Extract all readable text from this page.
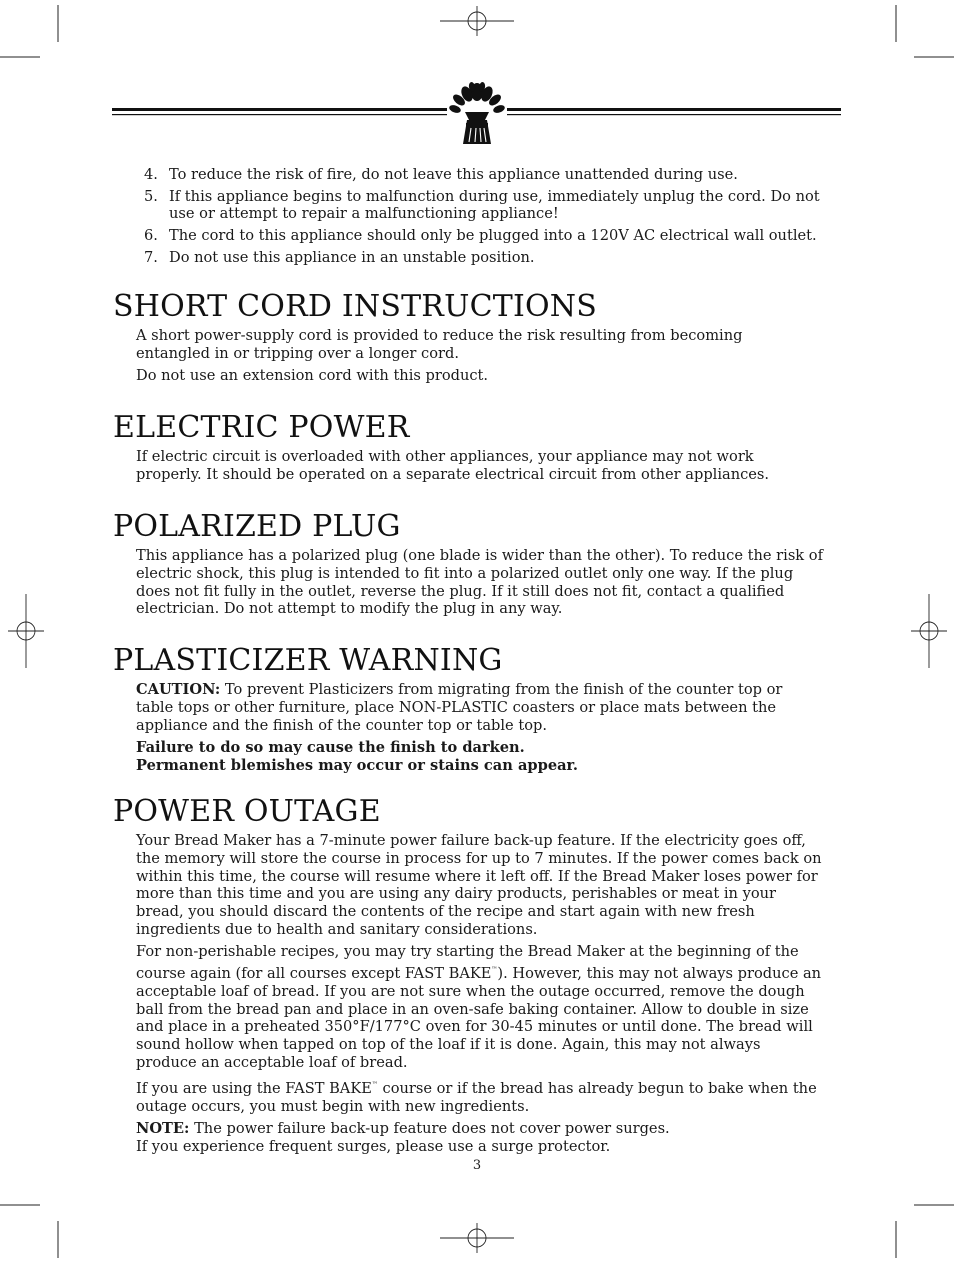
4. To reduce the risk of fire, do not leave this appliance unattended during use.
5. If this appliance begins to malfunction during use, immediately unplug the cord. Do not use or attempt to repair a malfunctioning appliance!
6. The cord to this appliance should only be plugged into a 120V AC electrical wall outlet.
7. Do not use this appliance in an unstable position.
SHORT CORD INSTRUCTIONS

A short power-supply cord is provided to reduce the risk resulting from becoming entangled in or tripping over a longer cord.

Do not use an extension cord with this product.

ELECTRIC POWER

If electric circuit is overloaded with other appliances, your appliance may not work properly. It should be operated on a separate electrical circuit from other appliances.

POLARIZED PLUG

This appliance has a polarized plug (one blade is wider than the other). To reduce the risk of electric shock, this plug is intended to fit into a polarized outlet only one way. If the plug does not fit fully in the outlet, reverse the plug. If it still does not fit, contact a qualified electrician. Do not attempt to modify the plug in any way.

PLASTICIZER WARNING

CAUTION: To prevent Plasticizers from migrating from the finish of the counter top or table tops or other furniture, place NON-PLASTIC coasters or place mats between the appliance and the finish of the counter top or table top.

Failure to do so may cause the finish to darken.

Permanent blemishes may occur or stains can appear.

POWER OUTAGE

Your Bread Maker has a 7-minute power failure back-up feature. If the electricity goes off, the memory will store the course in process for up to 7 minutes. If the power comes back on within this time, the course will resume where it left off. If the Bread Maker loses power for more than this time and you are using any dairy products, perishables or meat in your bread, you should discard the contents of the recipe and start again with new fresh ingredients due to health and sanitary considerations.

For non-perishable recipes, you may try starting the Bread Maker at the beginning of the course again (for all courses except FAST BAKE™). However, this may not always produce an acceptable loaf of bread. If you are not sure when the outage occurred, remove the dough ball from the bread pan and place in an oven-safe baking container. Allow to double in size and place in a preheated 350°F/177°C oven for 30-45 minutes or until done. The bread will sound hollow when tapped on top of the loaf if it is done. Again, this may not always produce an acceptable loaf of bread.

If you are using the FAST BAKE™ course or if the bread has already begun to bake when the outage occurs, you must begin with new ingredients.

NOTE: The power failure back-up feature does not cover power surges.

If you experience frequent surges, please use a surge protector.

3
